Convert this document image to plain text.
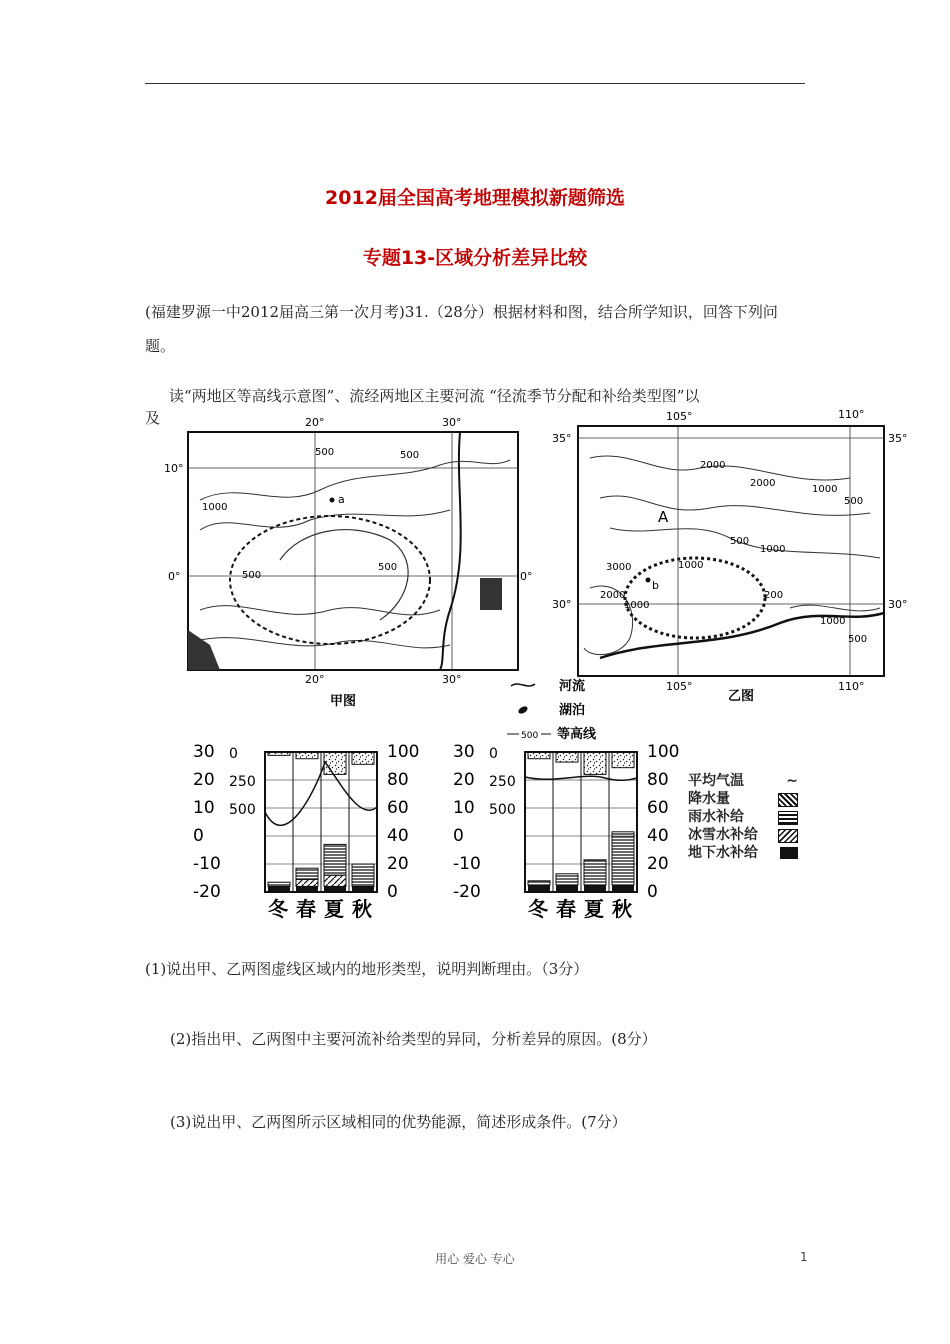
2012届全国高考地理模拟新题筛选
专题13-区域分析差异比较
(福建罗源一中2012届高三第一次月考)31.（28分）根据材料和图，结合所学知识，回答下列问
题。
读“两地区等高线示意图”、流经两地区主要河流 “径流季节分配和补给类型图”以
及
a
20°	30°
20°	30°
10°
0°	0°
500	500
1000
500
500
甲图
b
A
105°	110°
105°	110°
35°	35°
30°	30°
2000
2000
1000
500
1000
500
3000
2000
1000
1000
200
1000
500
乙图
河流
湖泊
500 等高线
30
20
10
0
-10
-20
0
250
500
100
80
60
40
20
0
冬 春 夏 秋
30
20
10
0
-10
-20
0
250
500
100
80
60
40
20
0
冬 春 夏 秋
平均气温	∼
降水量
雨水补给
冰雪水补给
地下水补给
(1)说出甲、乙两图虚线区域内的地形类型，说明判断理由。（3分）
(2)指出甲、乙两图中主要河流补给类型的异同，分析差异的原因。(8分）
(3)说出甲、乙两图所示区域相同的优势能源，简述形成条件。(7分）
用心 爱心 专心	1
